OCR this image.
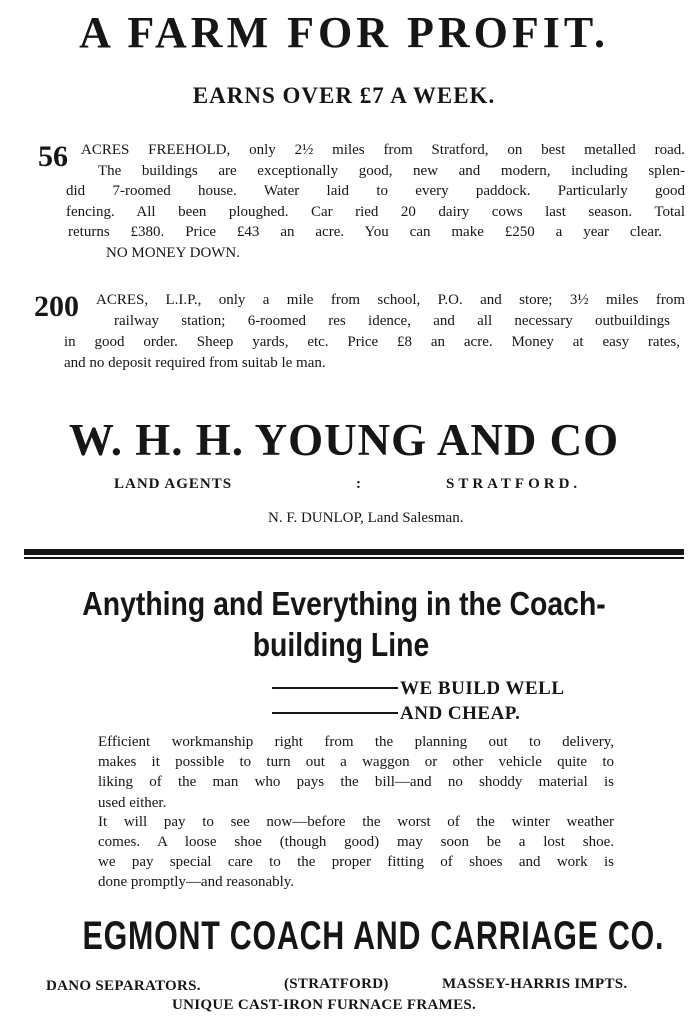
A FARM FOR PROFIT.
EARNS OVER £7 A WEEK.
56 ACRES FREEHOLD, only 2½ miles from Stratford, on best metalled road.
The buildings are exceptionally good, new and modern, including splen-
did 7-roomed house. Water laid to every paddock. Particularly good
fencing. All been ploughed. Car ried 20 dairy cows last season. Total
returns £380. Price £43 an acre. You can make £250 a year clear.
NO MONEY DOWN.
200 ACRES, L.I.P., only a mile from school, P.O. and store; 3½ miles from
railway station; 6-roomed res idence, and all necessary outbuildings
in good order. Sheep yards, etc. Price £8 an acre. Money at easy rates,
and no deposit required from suitab le man.
W. H. H. YOUNG AND CO
LAND AGENTS	:	STRATFORD.
N. F. DUNLOP, Land Salesman.
Anything and Everything in the Coach-
building Line
WE BUILD WELL
AND CHEAP.
Efficient workmanship right from the planning out to delivery,
makes it possible to turn out a waggon or other vehicle quite to
liking of the man who pays the bill—and no shoddy material is
used either.
It will pay to see now—before the worst of the winter weather
comes. A loose shoe (though good) may soon be a lost shoe.
we pay special care to the proper fitting of shoes and work is
done promptly—and reasonably.
EGMONT COACH AND CARRIAGE CO.
DANO SEPARATORS.	(STRATFORD)	MASSEY-HARRIS IMPTS.
UNIQUE CAST-IRON FURNACE FRAMES.
